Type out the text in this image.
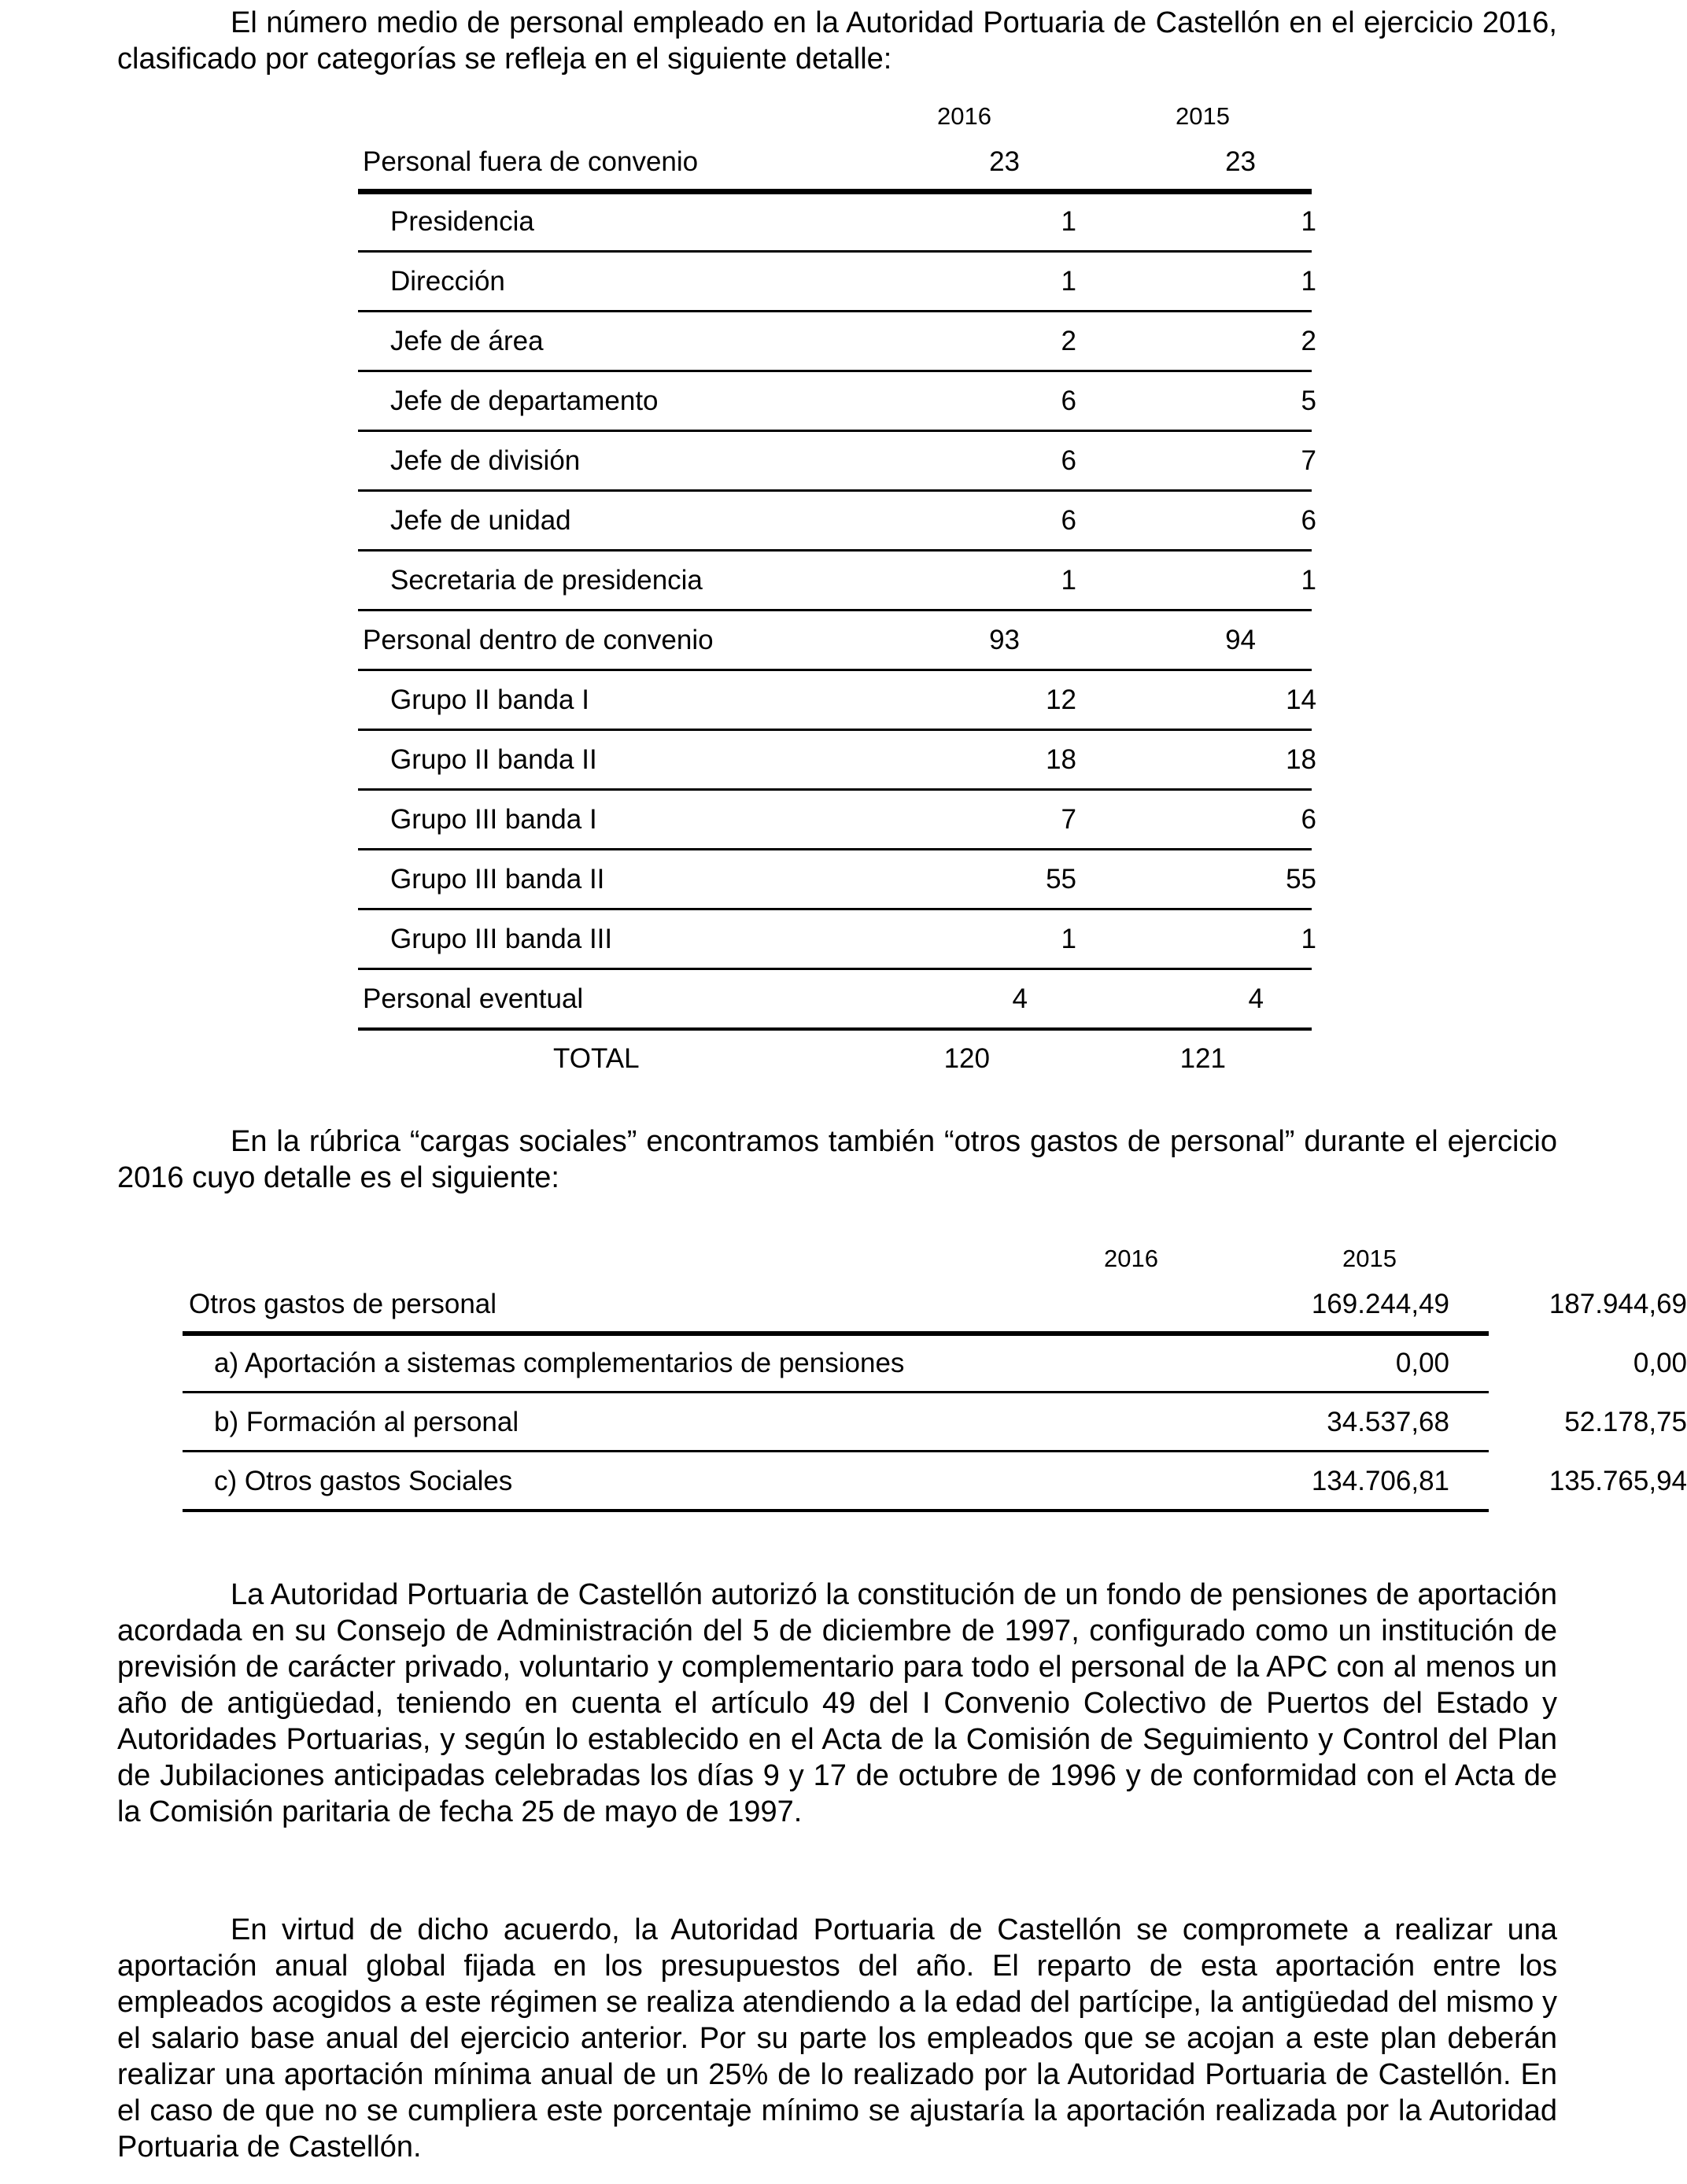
El número medio de personal empleado en la Autoridad Portuaria de Castellón en el ejercicio 2016, clasificado por categorías se refleja en el siguiente detalle:
2016	2015
Personal fuera de convenio	23	23
Presidencia	1	1
Dirección	1	1
Jefe de área	2	2
Jefe de departamento	6	5
Jefe de división	6	7
Jefe de unidad	6	6
Secretaria de presidencia	1	1
Personal dentro de convenio	93	94
Grupo II banda I	12	14
Grupo II banda II	18	18
Grupo III banda I	7	6
Grupo III banda II	55	55
Grupo III banda III	1	1
Personal eventual	4	4
TOTAL	120	121
En la rúbrica “cargas sociales” encontramos también “otros gastos de personal” durante el ejercicio 2016 cuyo detalle es el siguiente:
2016	2015
Otros gastos de personal	169.244,49	187.944,69
a) Aportación a sistemas complementarios de pensiones	0,00	0,00
b) Formación al personal	34.537,68	52.178,75
c) Otros gastos Sociales	134.706,81	135.765,94
La Autoridad Portuaria de Castellón autorizó la constitución de un fondo de pensiones de aportación acordada en su Consejo de Administración del 5 de diciembre de 1997, configurado como un institución de previsión de carácter privado, voluntario y complementario para todo el personal de la APC con al menos un año de antigüedad, teniendo en cuenta el artículo 49 del I Convenio Colectivo de Puertos del Estado y Autoridades Portuarias, y según lo establecido en el Acta de la Comisión de Seguimiento y Control del Plan de Jubilaciones anticipadas celebradas los días 9 y 17 de octubre de 1996 y de conformidad con el Acta de la Comisión paritaria de fecha 25 de mayo de 1997.
En virtud de dicho acuerdo, la Autoridad Portuaria de Castellón se compromete a realizar una aportación anual global fijada en los presupuestos del año. El reparto de esta aportación entre los empleados acogidos a este régimen se realiza atendiendo a la edad del partícipe, la antigüedad del mismo y el salario base anual del ejercicio anterior. Por su parte los empleados que se acojan a este plan deberán realizar una aportación mínima anual de un 25% de lo realizado por la Autoridad Portuaria de Castellón. En el caso de que no se cumpliera este porcentaje mínimo se ajustaría la aportación realizada por la Autoridad Portuaria de Castellón.
